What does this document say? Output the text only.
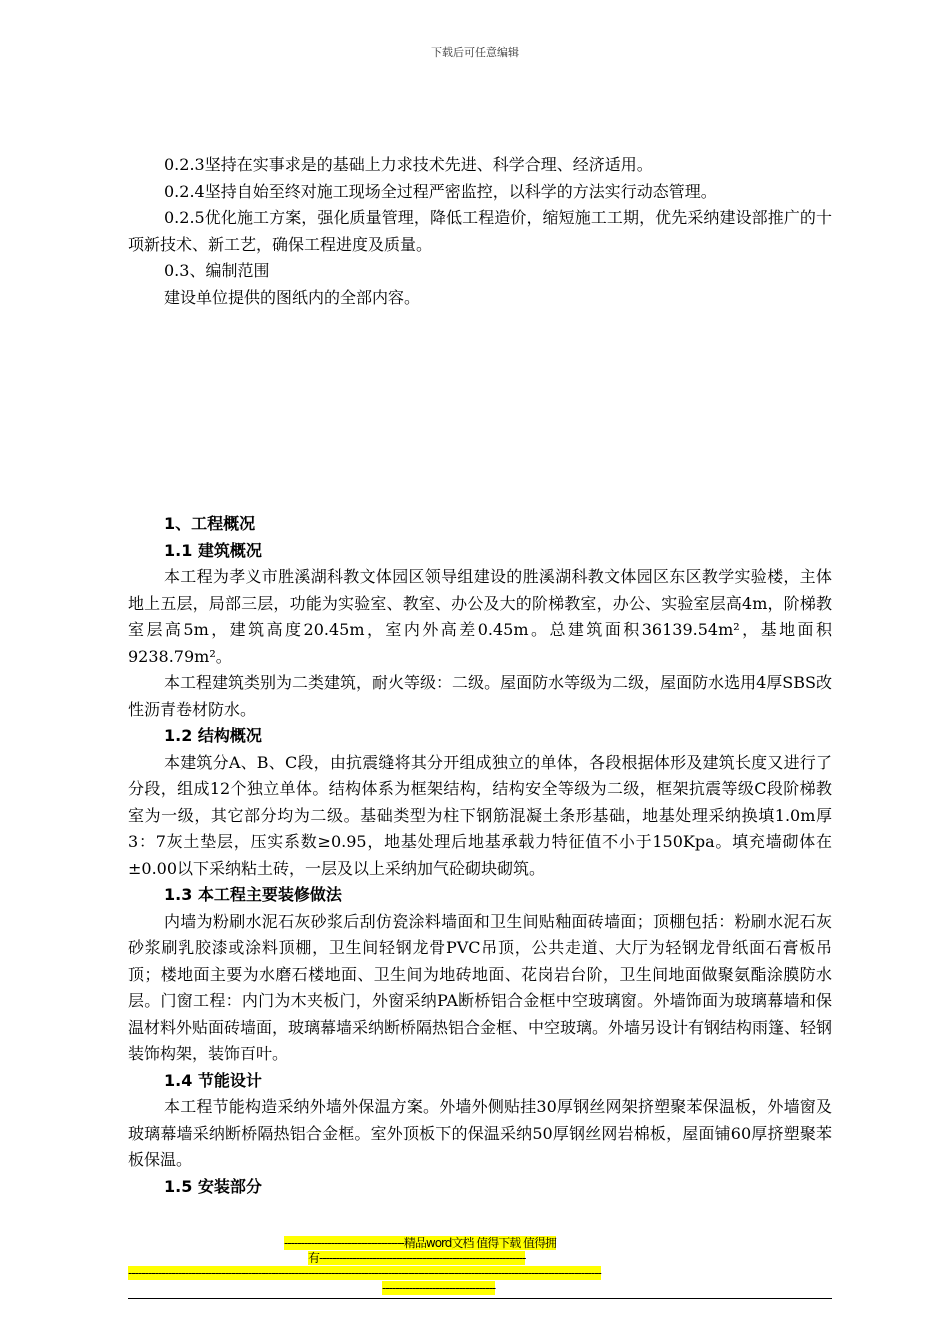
下载后可任意编辑

0.2.3坚持在实事求是的基础上力求技术先进、科学合理、经济适用。

0.2.4坚持自始至终对施工现场全过程严密监控，以科学的方法实行动态管理。

0.2.5优化施工方案，强化质量管理，降低工程造价，缩短施工工期，优先采纳建设部推广的十项新技术、新工艺，确保工程进度及质量。

0.3、编制范围

建设单位提供的图纸内的全部内容。

1、工程概况

1.1 建筑概况

本工程为孝义市胜溪湖科教文体园区领导组建设的胜溪湖科教文体园区东区教学实验楼，主体地上五层，局部三层，功能为实验室、教室、办公及大的阶梯教室，办公、实验室层高4m，阶梯教室层高5m，建筑高度20.45m，室内外高差0.45m。总建筑面积36139.54m²，基地面积9238.79m²。

本工程建筑类别为二类建筑，耐火等级：二级。屋面防水等级为二级，屋面防水选用4厚SBS改性沥青卷材防水。

1.2 结构概况

本建筑分A、B、C段，由抗震缝将其分开组成独立的单体，各段根据体形及建筑长度又进行了分段，组成12个独立单体。结构体系为框架结构，结构安全等级为二级，框架抗震等级C段阶梯教室为一级，其它部分均为二级。基础类型为柱下钢筋混凝土条形基础，地基处理采纳换填1.0m厚3：7灰土垫层，压实系数≥0.95，地基处理后地基承载力特征值不小于150Kpa。填充墙砌体在±0.00以下采纳粘土砖，一层及以上采纳加气砼砌块砌筑。

1.3 本工程主要装修做法

内墙为粉刷水泥石灰砂浆后刮仿瓷涂料墙面和卫生间贴釉面砖墙面；顶棚包括：粉刷水泥石灰砂浆刷乳胶漆或涂料顶棚，卫生间轻钢龙骨PVC吊顶，公共走道、大厅为轻钢龙骨纸面石膏板吊顶；楼地面主要为水磨石楼地面、卫生间为地砖地面、花岗岩台阶，卫生间地面做聚氨酯涂膜防水层。门窗工程：内门为木夹板门，外窗采纳PA断桥铝合金框中空玻璃窗。外墙饰面为玻璃幕墙和保温材料外贴面砖墙面，玻璃幕墙采纳断桥隔热铝合金框、中空玻璃。外墙另设计有钢结构雨篷、轻钢装饰构架，装饰百叶。

1.4 节能设计

本工程节能构造采纳外墙外保温方案。外墙外侧贴挂30厚钢丝网架挤塑聚苯保温板，外墙窗及玻璃幕墙采纳断桥隔热铝合金框。室外顶板下的保温采纳50厚钢丝网岩棉板，屋面铺60厚挤塑聚苯板保温。

1.5 安装部分

------------------------------------精品word文档 值得下载 值得拥
有--------------------------------------------------------------
----------------------------------------------------------------------------------------------------------------------------------------------
----------------------------------
